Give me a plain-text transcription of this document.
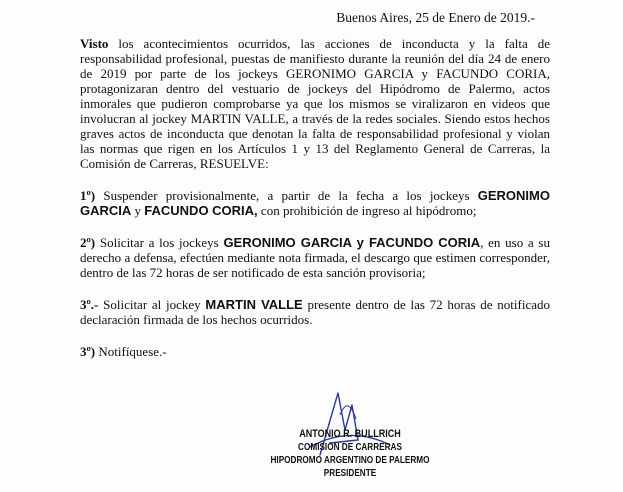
Buenos Aires, 25 de Enero de 2019.-

Visto los acontecimientos ocurridos, las acciones de inconducta y la falta de responsabilidad profesional, puestas de manifiesto durante la reunión del día 24 de enero de 2019 por parte de los jockeys GERONIMO GARCIA y FACUNDO CORIA, protagonizaran dentro del vestuario de jockeys del Hipódromo de Palermo, actos inmorales que pudieron comprobarse ya que los mismos se viralizaron en videos que involucran al jockey MARTIN VALLE, a través de la redes sociales. Siendo estos hechos graves actos de inconducta que denotan la falta de responsabilidad profesional y violan las normas que rigen en los Artículos 1 y 13 del Reglamento General de Carreras, la Comisión de Carreras, RESUELVE:

1º) Suspender provisionalmente, a partir de la fecha a los jockeys GERONIMO GARCIA y FACUNDO CORIA, con prohibición de ingreso al hipódromo;

2º) Solicitar a los jockeys GERONIMO GARCIA y FACUNDO CORIA, en uso a su derecho a defensa, efectúen mediante nota firmada, el descargo que estimen corresponder, dentro de las 72 horas de ser notificado de esta sanción provisoria;

3º.- Solicitar al jockey MARTIN VALLE presente dentro de las 72 horas de notificado declaración firmada de los hechos ocurridos.

3º) Notifíquese.-

ANTONIO R. BULLRICH
COMISION DE CARRERAS
HIPODROMO ARGENTINO DE PALERMO
PRESIDENTE
